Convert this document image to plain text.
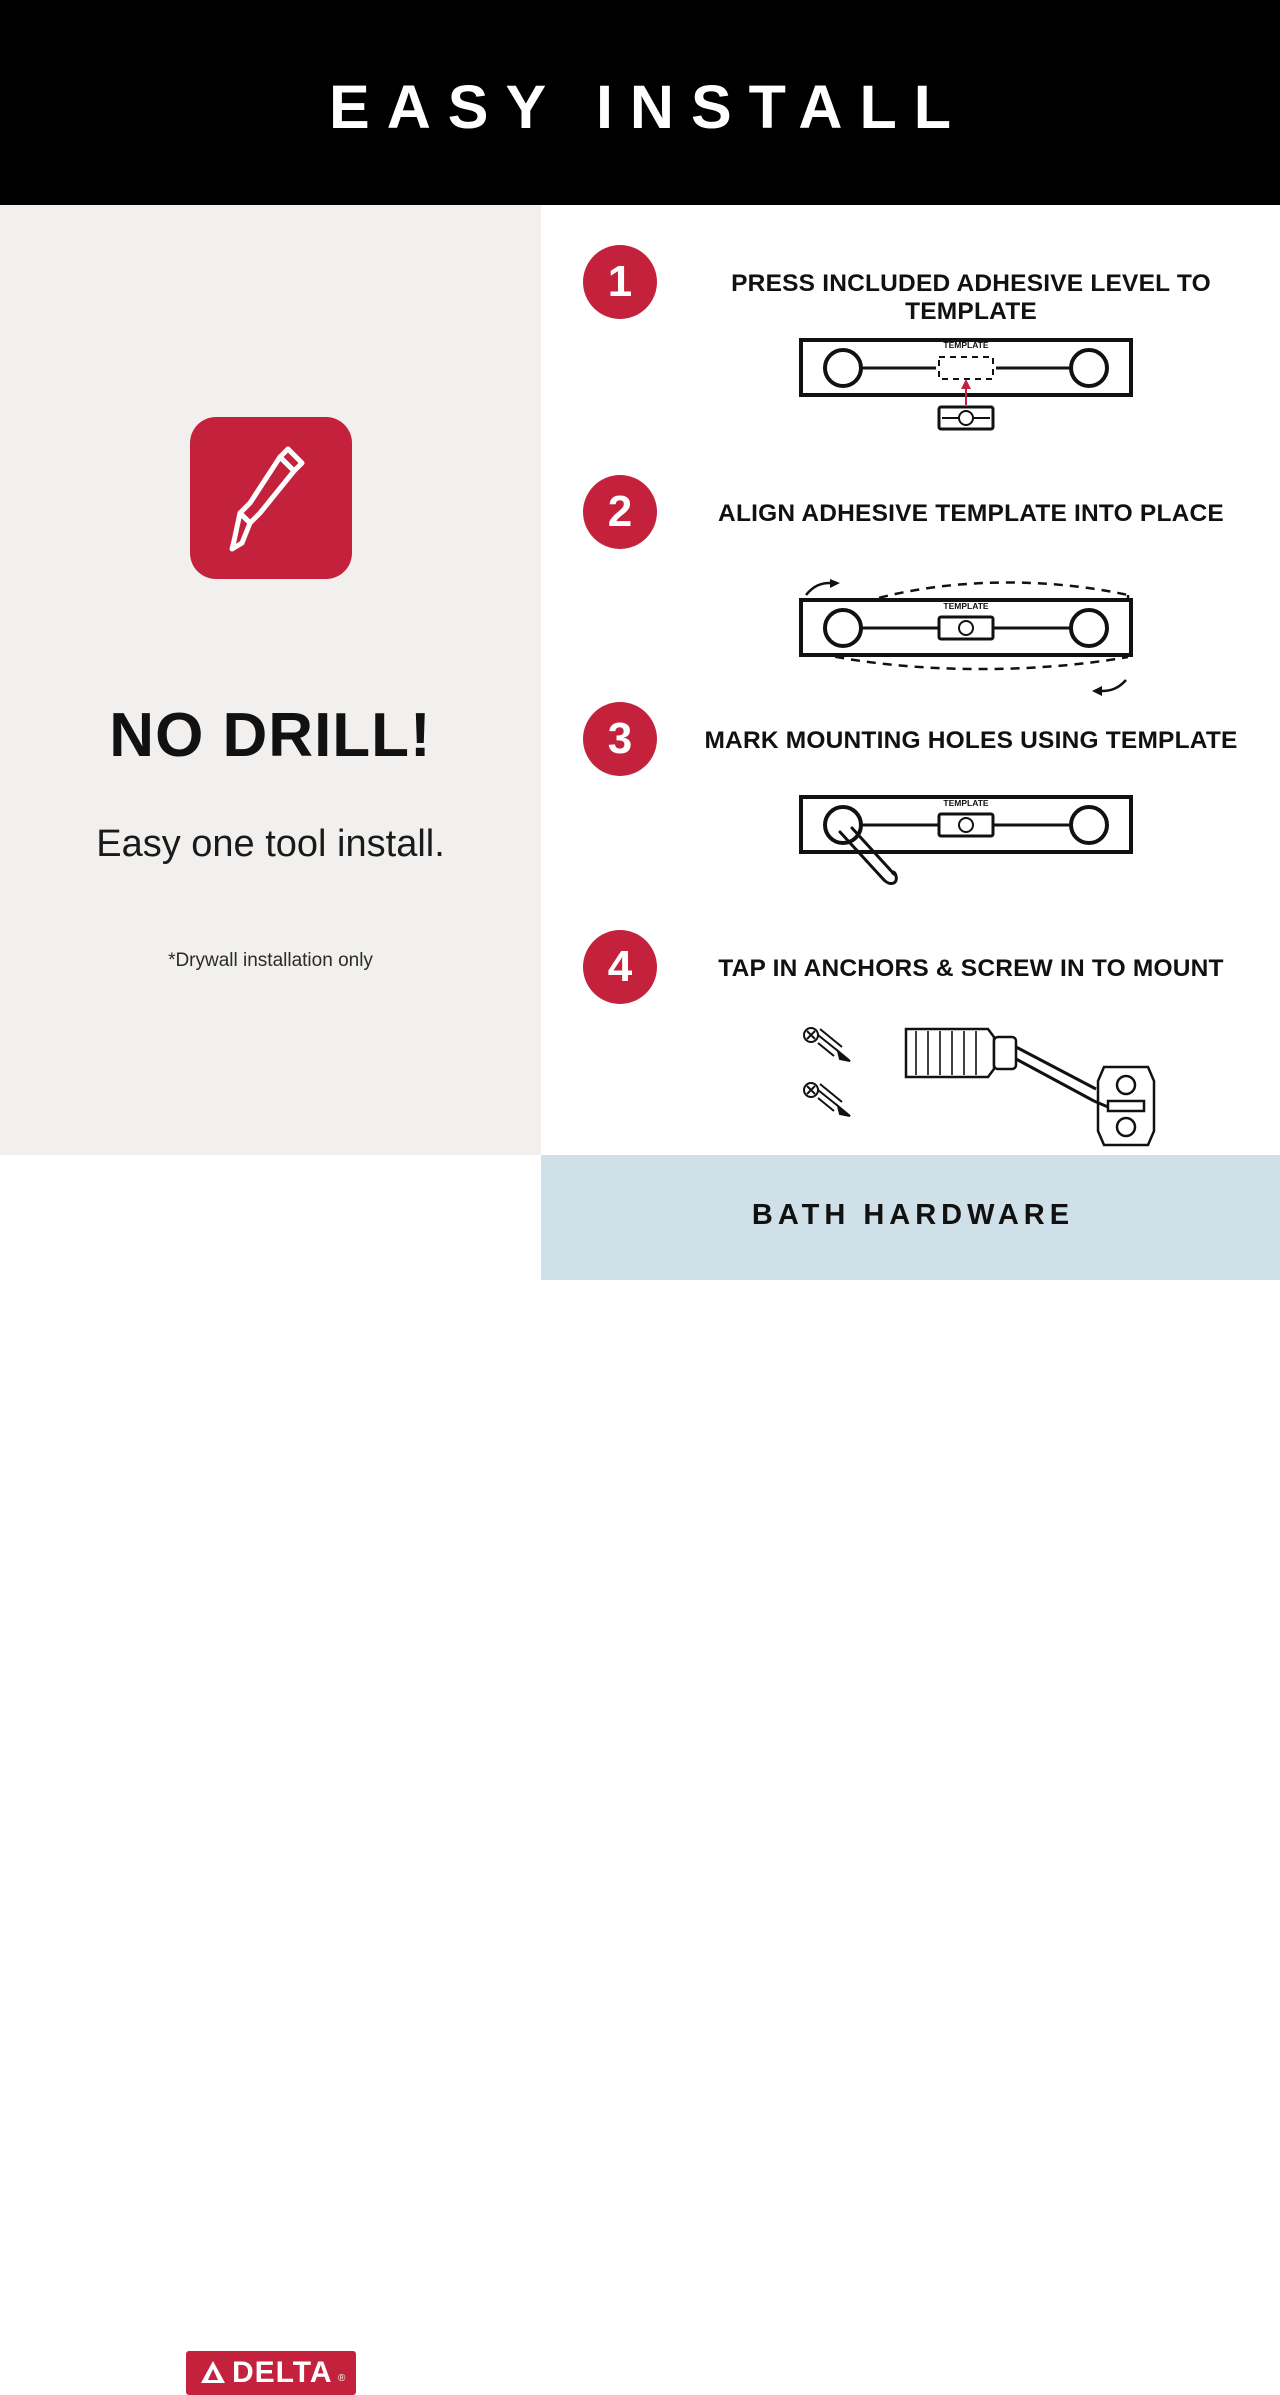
EASY INSTALL
NO DRILL!
Easy one tool install.
*Drywall installation only
1	PRESS INCLUDED ADHESIVE LEVEL TO TEMPLATE
TEMPLATE
2	ALIGN ADHESIVE TEMPLATE INTO PLACE
TEMPLATE
3	MARK MOUNTING HOLES USING TEMPLATE
TEMPLATE
4	TAP IN ANCHORS & SCREW IN TO MOUNT
DELTA ®
BATH HARDWARE
